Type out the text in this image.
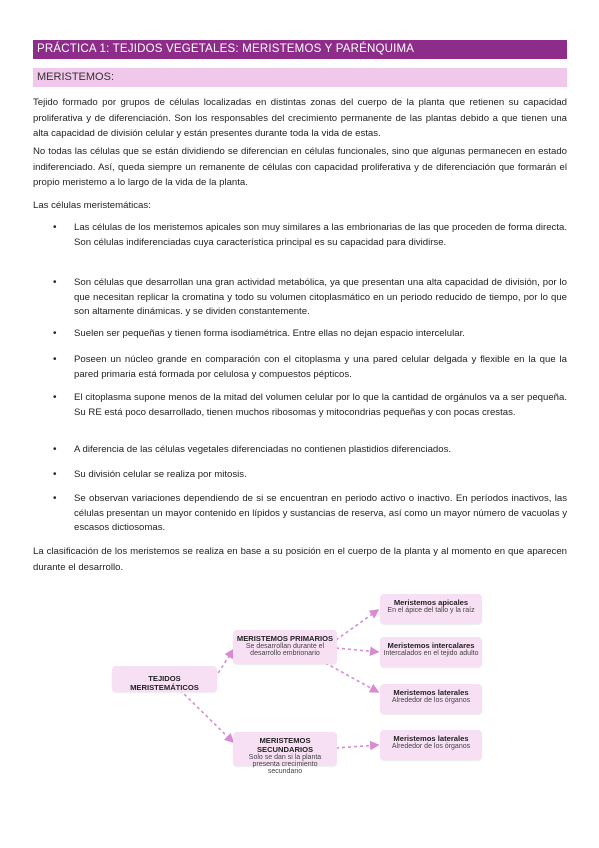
PRÁCTICA 1: TEJIDOS VEGETALES: MERISTEMOS Y PARÉNQUIMA
MERISTEMOS:

Tejido formado por grupos de células localizadas en distintas zonas del cuerpo de la planta que retienen su capacidad proliferativa y de diferenciación. Son los responsables del crecimiento permanente de las plantas debido a que tienen una alta capacidad de división celular y están presentes durante toda la vida de estas.

No todas las células que se están dividiendo se diferencian en células funcionales, sino que algunas permanecen en estado indiferenciado. Así, queda siempre un remanente de células con capacidad proliferativa y de diferenciación que formarán el propio meristemo a lo largo de la vida de la planta.

Las células meristemáticas:

• Las células de los meristemos apicales son muy similares a las embrionarias de las que proceden de forma directa. Son células indiferenciadas cuya característica principal es su capacidad para dividirse.
• Son células que desarrollan una gran actividad metabólica, ya que presentan una alta capacidad de división, por lo que necesitan replicar la cromatina y todo su volumen citoplasmático en un periodo reducido de tiempo, por lo que son altamente dinámicas. y se dividen constantemente.
• Suelen ser pequeñas y tienen forma isodiamétrica. Entre ellas no dejan espacio intercelular.
• Poseen un núcleo grande en comparación con el citoplasma y una pared celular delgada y flexible en la que la pared primaria está formada por celulosa y compuestos pépticos.
• El citoplasma supone menos de la mitad del volumen celular por lo que la cantidad de orgánulos va a ser pequeña. Su RE está poco desarrollado, tienen muchos ribosomas y mitocondrias pequeñas y con pocas crestas.
• A diferencia de las células vegetales diferenciadas no contienen plastidios diferenciados.
• Su división celular se realiza por mitosis.
• Se observan variaciones dependiendo de si se encuentran en periodo activo o inactivo. En períodos inactivos, las células presentan un mayor contenido en lípidos y sustancias de reserva, así como un mayor número de vacuolas y escasos dictiosomas.

La clasificación de los meristemos se realiza en base a su posición en el cuerpo de la planta y al momento en que aparecen durante el desarrollo.

TEJIDOS MERISTEMÁTICOS
MERISTEMOS PRIMARIOS
Se desarrollan durante el desarrollo embrionario
MERISTEMOS SECUNDARIOS
Solo se dan si la planta presenta crecimiento secundario
Meristemos apicales
En el ápice del tallo y la raíz
Meristemos intercalares
Intercalados en el tejido adulto
Meristemos laterales
Alrededor de los órganos
Meristemos laterales
Alrededor de los órganos
